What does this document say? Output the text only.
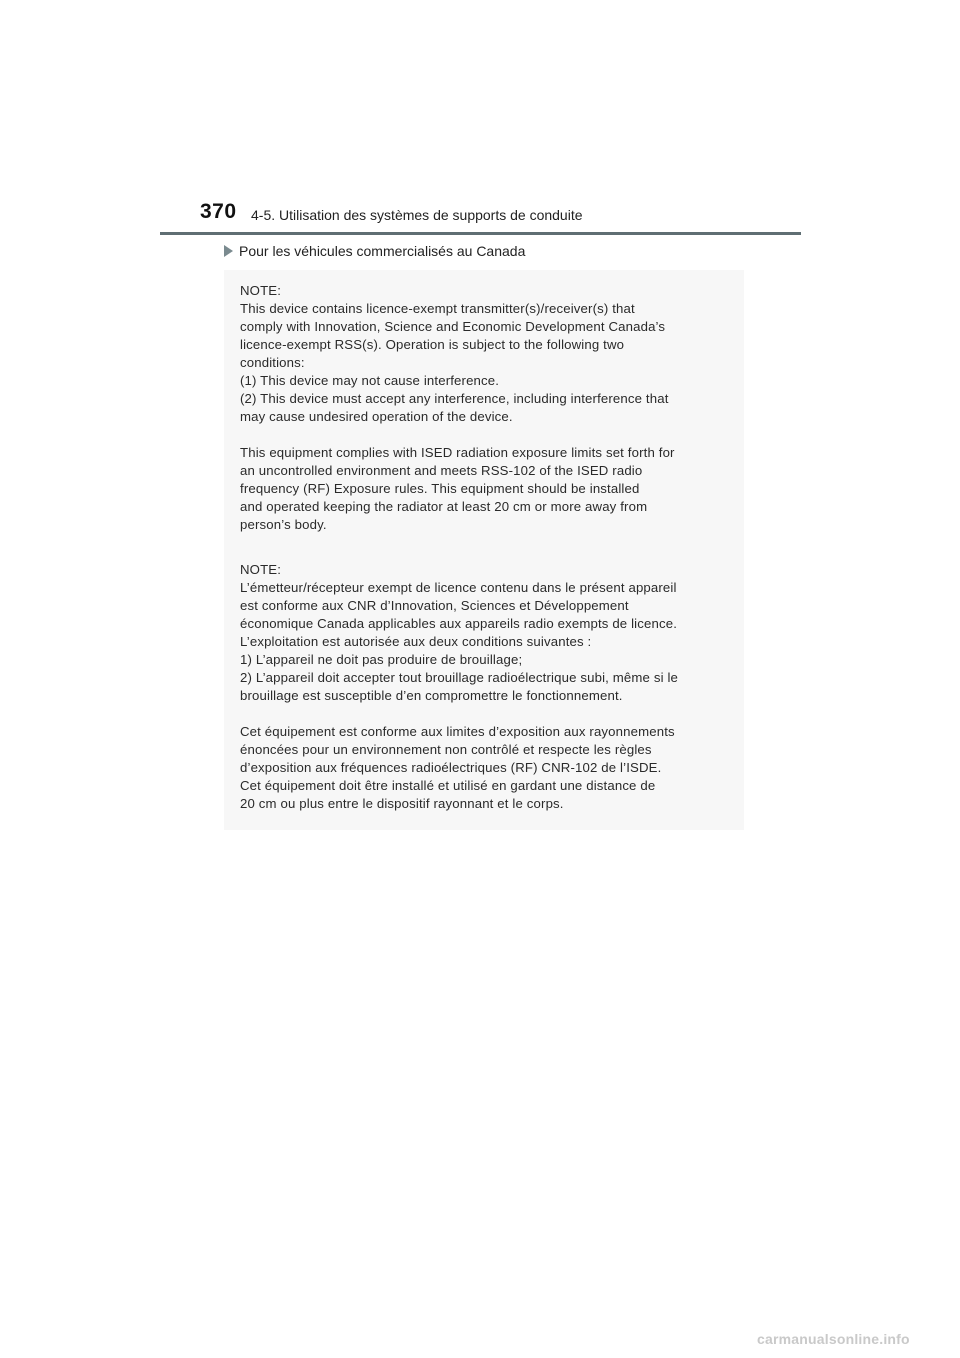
370 4-5. Utilisation des systèmes de supports de conduite
Pour les véhicules commercialisés au Canada
NOTE:
This device contains licence-exempt transmitter(s)/receiver(s) that
comply with Innovation, Science and Economic Development Canada’s
licence-exempt RSS(s). Operation is subject to the following two
conditions:
(1) This device may not cause interference.
(2) This device must accept any interference, including interference that
may cause undesired operation of the device.
This equipment complies with ISED radiation exposure limits set forth for
an uncontrolled environment and meets RSS-102 of the ISED radio
frequency (RF) Exposure rules. This equipment should be installed
and operated keeping the radiator at least 20 cm or more away from
person’s body.
NOTE:
L’émetteur/récepteur exempt de licence contenu dans le présent appareil
est conforme aux CNR d’Innovation, Sciences et Développement
économique Canada applicables aux appareils radio exempts de licence.
L’exploitation est autorisée aux deux conditions suivantes :
1) L’appareil ne doit pas produire de brouillage;
2) L’appareil doit accepter tout brouillage radioélectrique subi, même si le
brouillage est susceptible d’en compromettre le fonctionnement.
Cet équipement est conforme aux limites d’exposition aux rayonnements
énoncées pour un environnement non contrôlé et respecte les règles
d’exposition aux fréquences radioélectriques (RF) CNR-102 de l’ISDE.
Cet équipement doit être installé et utilisé en gardant une distance de
20 cm ou plus entre le dispositif rayonnant et le corps.
carmanualsonline.info
